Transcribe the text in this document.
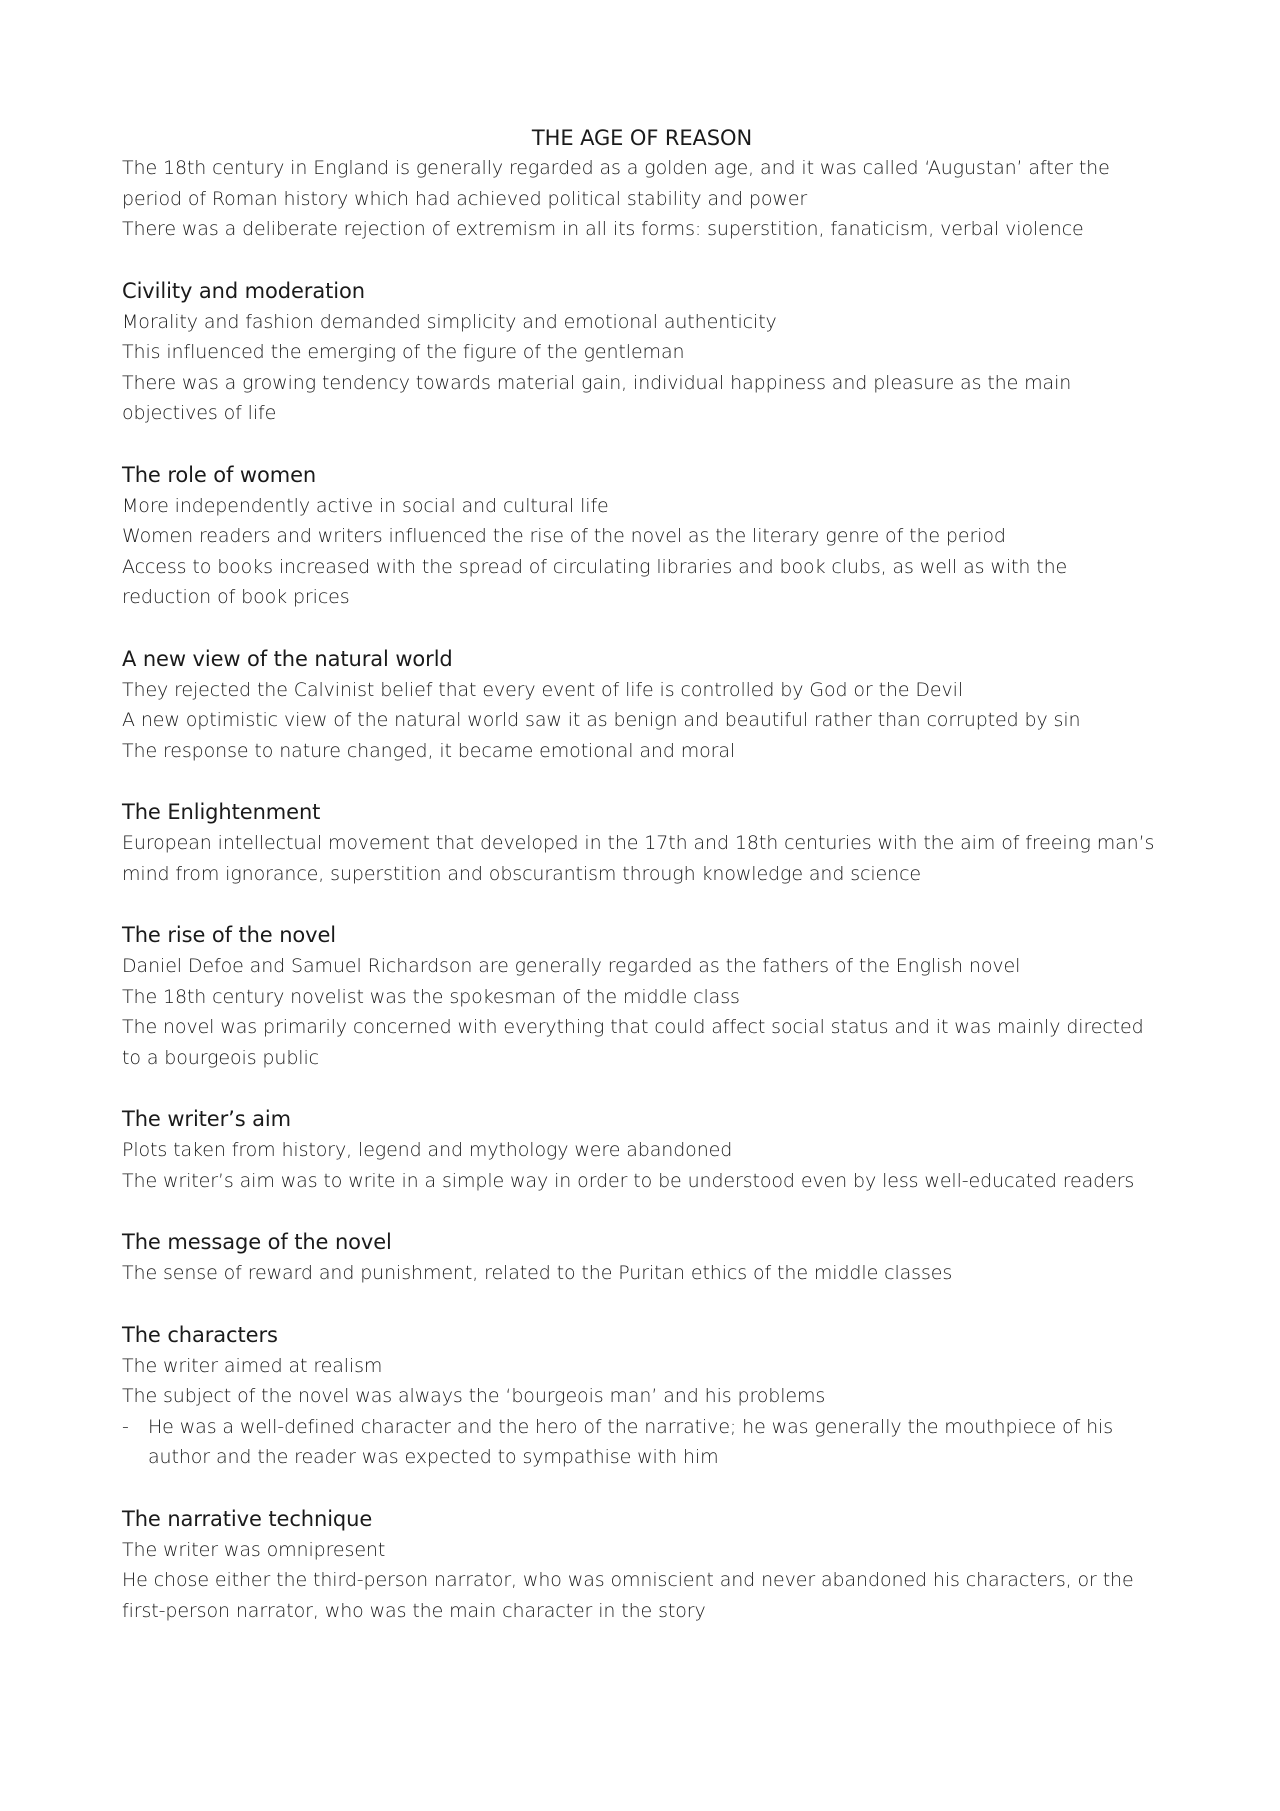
THE AGE OF REASON

The 18th century in England is generally regarded as a golden age, and it was called ‘Augustan’ after the period of Roman history which had achieved political stability and power

There was a deliberate rejection of extremism in all its forms: superstition, fanaticism, verbal violence

Civility and moderation

Morality and fashion demanded simplicity and emotional authenticity

This influenced the emerging of the figure of the gentleman

There was a growing tendency towards material gain, individual happiness and pleasure as the main objectives of life

The role of women

More independently active in social and cultural life

Women readers and writers influenced the rise of the novel as the literary genre of the period

Access to books increased with the spread of circulating libraries and book clubs, as well as with the reduction of book prices

A new view of the natural world

They rejected the Calvinist belief that every event of life is controlled by God or the Devil

A new optimistic view of the natural world saw it as benign and beautiful rather than corrupted by sin

The response to nature changed, it became emotional and moral

The Enlightenment

European intellectual movement that developed in the 17th and 18th centuries with the aim of freeing man’s mind from ignorance, superstition and obscurantism through knowledge and science

The rise of the novel

Daniel Defoe and Samuel Richardson are generally regarded as the fathers of the English novel

The 18th century novelist was the spokesman of the middle class

The novel was primarily concerned with everything that could affect social status and it was mainly directed to a bourgeois public

The writer’s aim

Plots taken from history, legend and mythology were abandoned

The writer’s aim was to write in a simple way in order to be understood even by less well-educated readers

The message of the novel

The sense of reward and punishment, related to the Puritan ethics of the middle classes

The characters

The writer aimed at realism

The subject of the novel was always the ‘bourgeois man’ and his problems

- He was a well-defined character and the hero of the narrative; he was generally the mouthpiece of his author and the reader was expected to sympathise with him

The narrative technique

The writer was omnipresent

He chose either the third-person narrator, who was omniscient and never abandoned his characters, or the first-person narrator, who was the main character in the story
